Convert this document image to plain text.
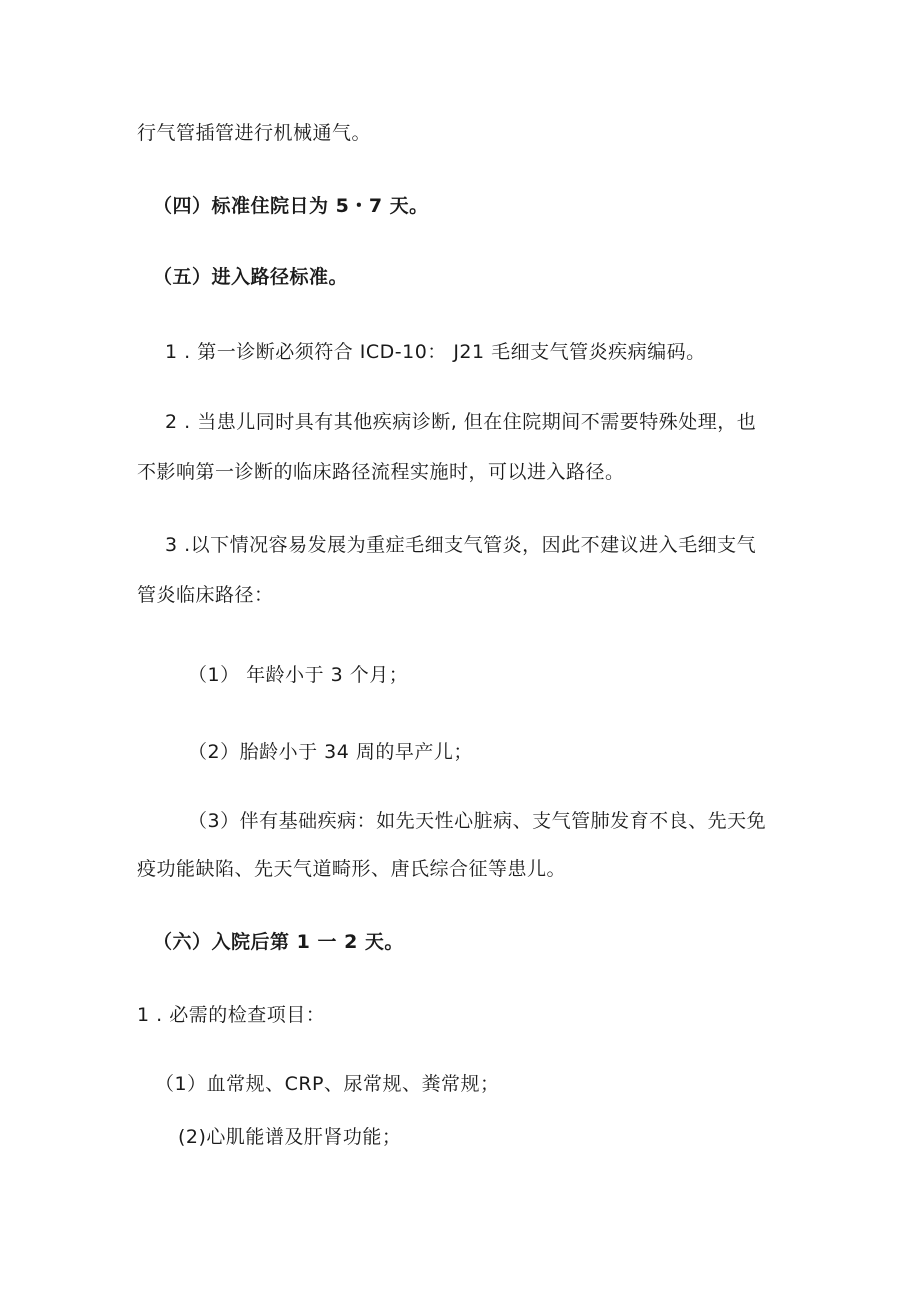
行气管插管进行机械通气。
（四）标准住院日为 5・7 天。
（五）进入路径标准。
1 . 第一诊断必须符合 ICD-10： J21 毛细支气管炎疾病编码。
2 . 当患儿同时具有其他疾病诊断, 但在住院期间不需要特殊处理，也
不影响第一诊断的临床路径流程实施时，可以进入路径。
3 .以下情况容易发展为重症毛细支气管炎，因此不建议进入毛细支气
管炎临床路径：
（1） 年龄小于 3 个月；
（2）胎龄小于 34 周的早产儿；
（3）伴有基础疾病：如先天性心脏病、支气管肺发育不良、先天免
疫功能缺陷、先天气道畸形、唐氏综合征等患儿。
（六）入院后第 1 一 2 天。
1 . 必需的检查项目：
（1）血常规、CRP、尿常规、粪常规；
(2)心肌能谱及肝肾功能；
